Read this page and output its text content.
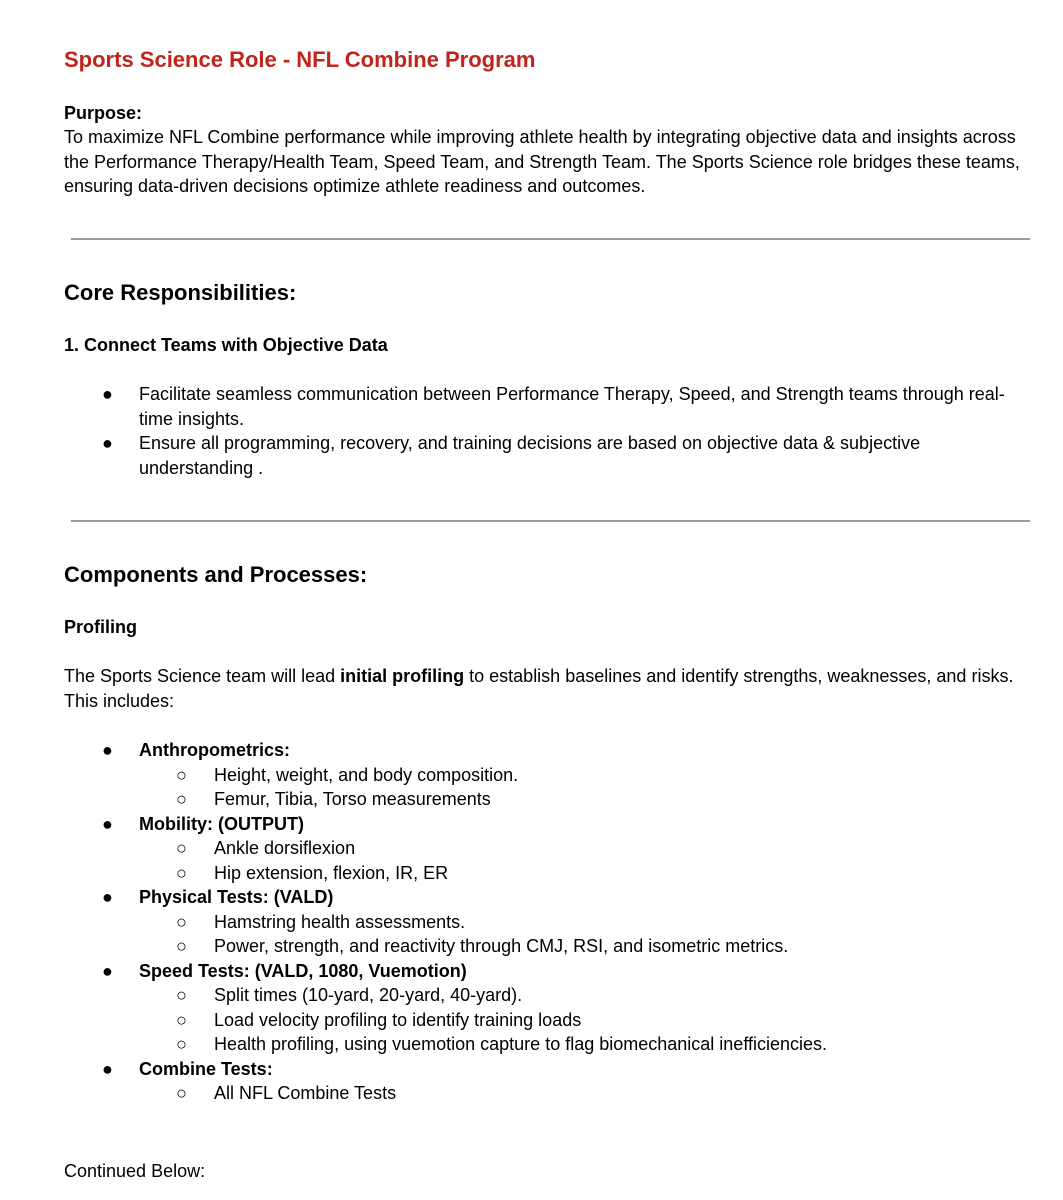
Sports Science Role - NFL Combine Program
Purpose:

To maximize NFL Combine performance while improving athlete health by integrating objective data and insights across the Performance Therapy/Health Team, Speed Team, and Strength Team. The Sports Science role bridges these teams, ensuring data-driven decisions optimize athlete readiness and outcomes.

Core Responsibilities:
1. Connect Teams with Objective Data
● Facilitate seamless communication between Performance Therapy, Speed, and Strength teams through real-time insights.
● Ensure all programming, recovery, and training decisions are based on objective data & subjective understanding .
Components and Processes:
Profiling

The Sports Science team will lead initial profiling to establish baselines and identify strengths, weaknesses, and risks. This includes:

● Anthropometrics:
○ Height, weight, and body composition.
○ Femur, Tibia, Torso measurements
● Mobility: (OUTPUT)
○ Ankle dorsiflexion
○ Hip extension, flexion, IR, ER
● Physical Tests: (VALD)
○ Hamstring health assessments.
○ Power, strength, and reactivity through CMJ, RSI, and isometric metrics.
● Speed Tests: (VALD, 1080, Vuemotion)
○ Split times (10-yard, 20-yard, 40-yard).
○ Load velocity profiling to identify training loads
○ Health profiling, using vuemotion capture to flag biomechanical inefficiencies.
● Combine Tests:
○ All NFL Combine Tests

Continued Below:
